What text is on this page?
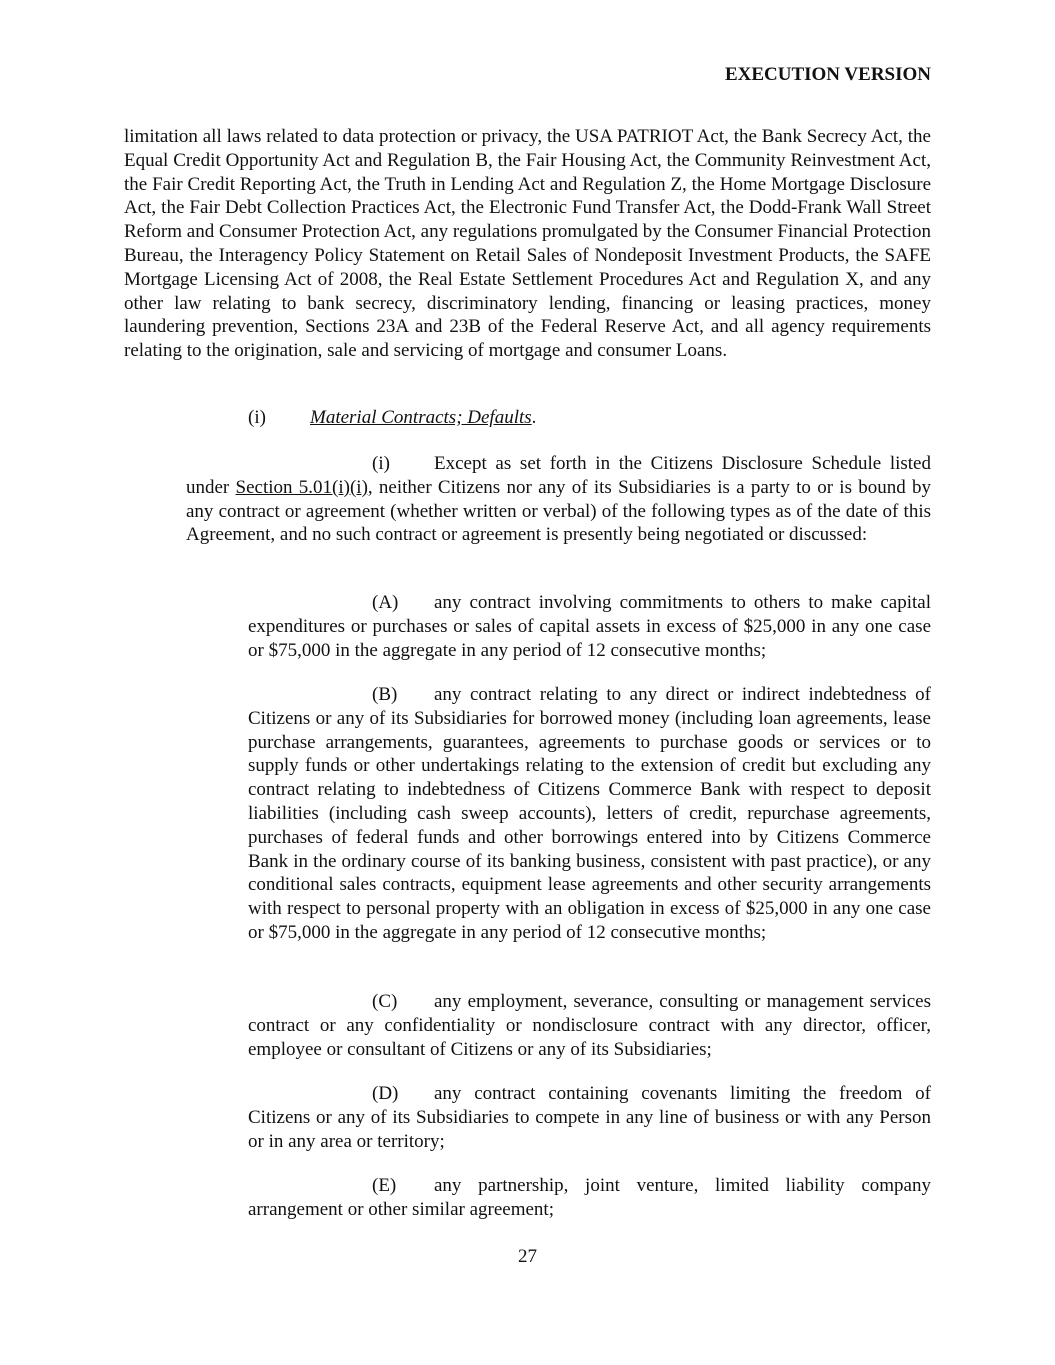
EXECUTION VERSION

limitation all laws related to data protection or privacy, the USA PATRIOT Act, the Bank Secrecy Act, the Equal Credit Opportunity Act and Regulation B, the Fair Housing Act, the Community Reinvestment Act, the Fair Credit Reporting Act, the Truth in Lending Act and Regulation Z, the Home Mortgage Disclosure Act, the Fair Debt Collection Practices Act, the Electronic Fund Transfer Act, the Dodd-Frank Wall Street Reform and Consumer Protection Act, any regulations promulgated by the Consumer Financial Protection Bureau, the Interagency Policy Statement on Retail Sales of Nondeposit Investment Products, the SAFE Mortgage Licensing Act of 2008, the Real Estate Settlement Procedures Act and Regulation X, and any other law relating to bank secrecy, discriminatory lending, financing or leasing practices, money laundering prevention, Sections 23A and 23B of the Federal Reserve Act, and all agency requirements relating to the origination, sale and servicing of mortgage and consumer Loans.

(i) Material Contracts; Defaults.

(i) Except as set forth in the Citizens Disclosure Schedule listed under Section 5.01(i)(i), neither Citizens nor any of its Subsidiaries is a party to or is bound by any contract or agreement (whether written or verbal) of the following types as of the date of this Agreement, and no such contract or agreement is presently being negotiated or discussed:

(A) any contract involving commitments to others to make capital expenditures or purchases or sales of capital assets in excess of $25,000 in any one case or $75,000 in the aggregate in any period of 12 consecutive months;

(B) any contract relating to any direct or indirect indebtedness of Citizens or any of its Subsidiaries for borrowed money (including loan agreements, lease purchase arrangements, guarantees, agreements to purchase goods or services or to supply funds or other undertakings relating to the extension of credit but excluding any contract relating to indebtedness of Citizens Commerce Bank with respect to deposit liabilities (including cash sweep accounts), letters of credit, repurchase agreements, purchases of federal funds and other borrowings entered into by Citizens Commerce Bank in the ordinary course of its banking business, consistent with past practice), or any conditional sales contracts, equipment lease agreements and other security arrangements with respect to personal property with an obligation in excess of $25,000 in any one case or $75,000 in the aggregate in any period of 12 consecutive months;

(C) any employment, severance, consulting or management services contract or any confidentiality or nondisclosure contract with any director, officer, employee or consultant of Citizens or any of its Subsidiaries;

(D) any contract containing covenants limiting the freedom of Citizens or any of its Subsidiaries to compete in any line of business or with any Person or in any area or territory;

(E) any partnership, joint venture, limited liability company arrangement or other similar agreement;

27
